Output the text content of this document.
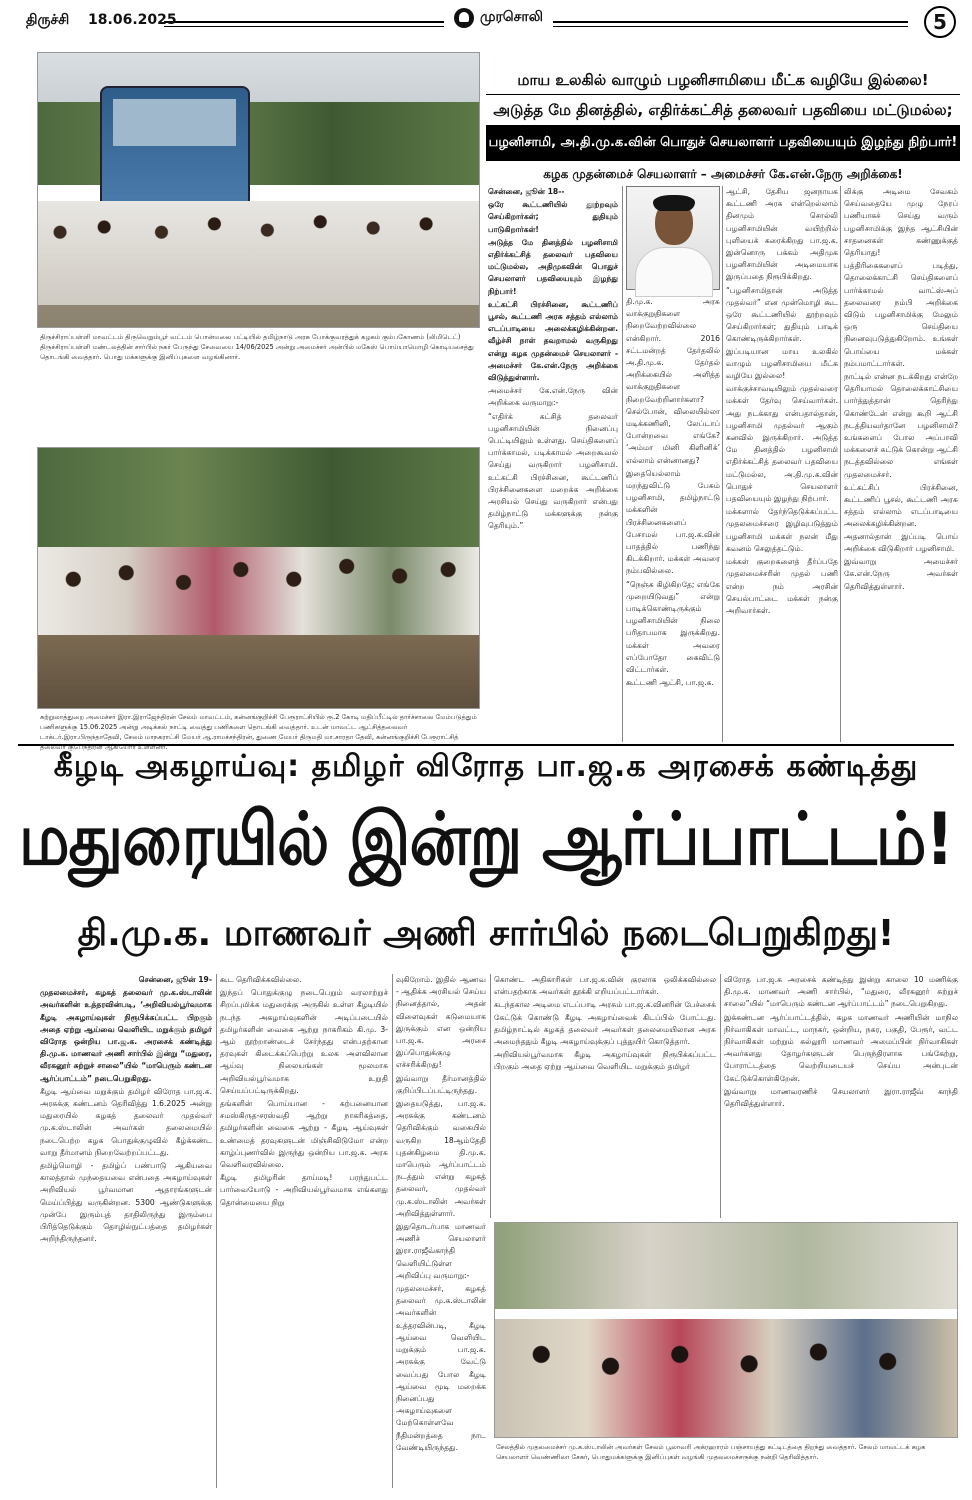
திருச்சி 18.06.2025	முரசொலி	5
திருச்சிராப்பள்ளி மாவட்டம் திருவெறும்பூர் வட்டம் பொன்மலை பட்டியில் தமிழ்நாடு அரசு போக்குவரத்துக் கழகம் கும்பகோணம் (லிமிடெட்) திருச்சிராப்பள்ளி மண்டலத்தின் சார்பில் நகர் பேருந்து சேவையை 14/06/2025 அன்று அமைச்சர் அன்பில் மகேஸ் பொய்யாமொழி கொடியசைத்து தொடங்கி வைத்தார். பொது மக்களுக்கு இனிப்புகளை வழங்கினார்.
சுற்றுலாத்துறை அமைச்சர் இரா.இராஜேந்திரன் சேலம் மாவட்டம், கன்னங்குறிச்சி பேரூராட்சியில் ரூ.2 கோடி மதிப்பீட்டில் தார்ச்சாலை மேம்படுத்தும் பணிகளுக்கு 15.06.2025 அன்று அடிக்கல் நாட்டி வைத்து பணிகளை தொடங்கி வைத்தார். உடன் மாவட்ட ஆட்சித்தலைவர் டாக்டர்.இரா.பிருந்தாதேவி, சேலம் மாநகராட்சி மேயர் ஆ.ராமச்சந்திரன், துணை மேயர் திருமதி மா.சாரதா தேவி, கன்னங்குறிச்சி பேரூராட்சித் தலைவர் குபேந்திரன் ஆகியோர் உள்ளனர்.
மாய உலகில் வாழும் பழனிசாமியை மீட்க வழியே இல்லை!
அடுத்த மே தினத்தில், எதிர்க்கட்சித் தலைவர் பதவியை மட்டுமல்ல;
பழனிசாமி, அ.தி.மு.க.வின் பொதுச் செயலாளர் பதவியையும் இழந்து நிற்பார்!
கழக முதன்மைச் செயலாளர் – அமைச்சர் கே.என்.நேரு அறிக்கை!

சென்னை, ஜூன் 18--

ஒரே கூட்டணியில் தூற்றவும் செய்கிறார்கள்; துதியும் பாடுகிறார்கள்!

அடுத்த மே தினத்தில் பழனிசாமி எதிர்க்கட்சித் தலைவர் பதவியை மட்டுமல்ல, அதிமுகவின் பொதுச் செயலாளர் பதவியையும் இழந்து நிற்பார்!

உட்கட்சி பிரச்சினை, கூட்டணிப் பூசல், கூட்டணி அரசு சத்தம் எல்லாம் எடப்பாடியை அலைக்கழிக்கின்றன. வீழ்ச்சி நாள் தவறாமல் வருகிறது என்று கழக முதன்மைச் செயலாளர் - அமைச்சர் கே.என்.நேரு அறிக்கை விடுத்துள்ளார்.

அமைச்சர் கே.என்.நேரு வின் அறிக்கை வருமாறு:-

“எதிர்க் கட்சித் தலைவர் பழனிசாமியின் நினைப்பு பெட்டியிலும் உள்ளது. செய்திகளைப் பார்க்காமல், படிக்காமல் அறைகூவல் செய்து வருகிறார் பழனிசாமி. உட்கட்சி பிரச்சினை, கூட்டணிப் பிரச்சினைகளை மறைக்க அறிக்கை அரசியல் செய்து வருகிறார் என்பது தமிழ்நாட்டு மக்களுக்கு நன்கு தெரியும்.”

தி.மு.க. அரசு வாக்குறுதிகளை நிறைவேற்றவில்லை என்கிறார். 2016 சட்டமன்றத் தேர்தலில் அ.தி.மு.க. தேர்தல் அறிக்கையில் அளித்த வாக்குறுதிகளை நிறைவேற்றினார்களா? செல்போன், விலையில்லா மடிக்கணினி, லேப்டாப் போன்றவை எங்கே? ‘அம்மா மினி கிளினிக்’ எல்லாம் என்னானது?

இதையெல்லாம் மறந்துவிட்டு பேசும் பழனிசாமி, தமிழ்நாட்டு மக்களின் பிரச்சினைகளைப் பேசாமல் பா.ஜ.க.வின் பாதத்தில் பணிந்து கிடக்கிறார். மக்கள் அவரை நம்பவில்லை.

“நெஞ்சு கிழிகிறதே; எங்கே முறையிடுவது” என்று பாடிக்கொண்டிருக்கும் பழனிசாமியின் நிலை பரிதாபமாக இருக்கிறது. மக்கள் அவரை எப்போதோ கைவிட்டு விட்டார்கள்.

கூட்டணி ஆட்சி, பா.ஜ.க.

ஆட்சி, தேசிய ஜனநாயக கூட்டணி அரசு என்றெல்லாம் தினமும் சொல்லி பழனிசாமியின் வயிற்றில் புளியைக் கரைக்கிறது பா.ஜ.க. இன்னொரு பக்கம் அதிமுக பழனிசாமியின் அடிமையாக இருப்பதை நிரூபிக்கிறது.

“பழனிசாமிதான் அடுத்த முதல்வர்” என முன்மொழி கூட ஒரே கூட்டணியில் தூற்றவும் செய்கிறார்கள்; துதியும் பாடிக் கொண்டிருக்கிறார்கள். இப்படியான மாய உலகில் வாழும் பழனிசாமியை மீட்க வழியே இல்லை!

வாக்குச்சாவடியிலும் முதல்வரை மக்கள் தேர்வு செய்வார்கள். அது நடக்காது என்பதால்தான், பழனிசாமி முதல்வர் ஆகும் கனவில் இருக்கிறார். அடுத்த மே தினத்தில் பழனிசாமி எதிர்க்கட்சித் தலைவர் பதவியை மட்டுமல்ல, அ.தி.மு.க.வின் பொதுச் செயலாளர் பதவியையும் இழந்து நிற்பார்.

மக்களால் தேர்ந்தெடுக்கப்பட்ட முதலமைச்சரை இழிவுபடுத்தும் பழனிசாமி மக்கள் நலன் மீது கவனம் செலுத்தட்டும்.

மக்கள் குறைகளைத் தீர்ப்பதே முதலமைச்சரின் முதல் பணி என்ற நம் அரசின் செயல்பாட்டை மக்கள் நன்கு அறிவார்கள்.

லிக்கு அடிமை சேவகம் செய்வதையே முழு நேரப் பணியாகச் செய்து வரும் பழனிசாமிக்கு இந்த ஆட்சியின் சாதனைகள் கண்ணுக்குத் தெரியாது!

பத்திரிகைகளைப் படித்து, தொலைக்காட்சி செய்திகளைப் பார்க்காமல் வாட்ஸ்அப் தலைவரை நம்பி அறிக்கை விடும் பழனிசாமிக்கு மேலும் ஒரு செய்தியை நினைவுபடுத்துகிறோம். உங்கள் பொய்யை மக்கள் நம்பமாட்டார்கள்.

நாட்டில் என்ன நடக்கிறது என்றே தெரியாமல் தொலைக்காட்சியை பார்த்துத்தான் தெரிந்து கொண்டேன் என்று கூறி ஆட்சி நடத்தியவர்தானே பழனிசாமி? உங்களைப் போல அப்பாவி மக்களைச் சுட்டுக் கொன்று ஆட்சி நடத்தவில்லை எங்கள் முதலமைச்சர்.

உட்கட்சிப் பிரச்சினை, கூட்டணிப் பூசல், கூட்டணி அரசு சத்தம் எல்லாம் எடப்பாடியை அலைக்கழிக்கின்றன. அதனால்தான் இப்படி பொய் அறிக்கை விடுகிறார் பழனிசாமி.

இவ்வாறு அமைச்சர் கே.என்.நேரு அவர்கள் தெரிவித்துள்ளார்.

கீழடி அகழாய்வு: தமிழர் விரோத பா.ஜ.க அரசைக் கண்டித்து
மதுரையில் இன்று ஆர்ப்பாட்டம்!
தி.மு.க. மாணவர் அணி சார்பில் நடைபெறுகிறது!

சென்னை, ஜூன் 19-

முதலமைச்சர், கழகத் தலைவர் மு.க.ஸ்டாலின் அவர்களின் உத்தரவின்படி, ‘அறிவியல்பூர்வமாக கீழடி அகழாய்வுகள் நிரூபிக்கப்பட்ட பிறகும் அதை ஏற்று ஆய்வை வெளியிட மறுக்கும் தமிழர் விரோத ஒன்றிய பா.ஜ.க. அரசைக் கண்டித்து தி.மு.க. மாணவர் அணி சார்பில் இன்று “மதுரை, வீரகனூர் சுற்றுச் சாலை”யில் “மாபெரும் கண்டன ஆர்ப்பாட்டம்” நடைபெறுகிறது.

கீழடி ஆய்வை மறுக்கும் தமிழர் விரோத பா.ஜ.க. அரசுக்கு கண்டனம் தெரிவித்து 1.6.2025 அன்று மதுரையில் கழகத் தலைவர் முதல்வர் மு.க.ஸ்டாலின் அவர்கள் தலைமையில் நடைபெற்ற கழக பொதுக்குழுவில் கீழ்க்கண்ட வாறு தீர்மானம் நிறைவேற்றப்பட்டது.

தமிழ்மொழி - தமிழ்ப் பண்பாடு ஆகியவை காலத்தால் முந்தையவை என்பதை அகழாய்வுகள் அறிவியல் பூர்வமான ஆதாரங்களுடன் மெய்ப்பித்து வருகின்றன. 5300 ஆண்டுகளுக்கு முன்பே இரும்புத் தாதிலிருந்து இரும்பை பிரித்தெடுக்கும் தொழில்நுட்பத்தை தமிழர்கள் அறிந்திருந்தனர்.

கூட தெரிவிக்கவில்லை.

இந்தப் பொதுக்குழு நடைபெறும் வரலாற்றுச் சிறப்புமிக்க மதுரைக்கு அருகில் உள்ள கீழடியில் நடந்த அகழாய்வுகளின் அடிப்படையில் தமிழர்களின் வைகை ஆற்று நாகரிகம் கி.மு. 3-ஆம் நூற்றாண்டைச் சேர்ந்தது என்பதற்கான தரவுகள் கிடைக்கப்பெற்று உலக அளவிலான ஆய்வு நிலையங்கள் மூலமாக அறிவியல்பூர்வமாக உறுதி செய்யப்பட்டிருக்கிறது.

தங்களின் பொய்யான - கற்பனையான சமஸ்கிருத-சரஸ்வதி ஆற்று நாகரிகத்தை, தமிழர்களின் வைகை ஆற்று - கீழடி ஆய்வுகள் உண்மைத் தரவுகளுடன் மிஞ்சிவிடுமோ என்ற காழ்ப்புணர்வில் இருந்து ஒன்றிய பா.ஜ.க. அரசு வெளிவரவில்லை.

கீழடி தமிழரின் தாய்மடி! பரந்துபட்ட பார்வையோடு - அறிவியல்பூர்வமாக எங்களது தொன்மையை நிறு

வுகிறோம். இதில் ஆணவ - ஆதிக்க அரசியல் செய்ய நினைத்தால், அதன் விளைவுகள் கடுமையாக இருக்கும் என ஒன்றிய பா.ஜ.க. அரசை இப்பொதுக்குழு எச்சரிக்கிறது!

இவ்வாறு தீர்மானத்தில் குறிப்பிடப்பட்டிருந்தது.

இதையடுத்து, பா.ஜ.க. அரசுக்கு கண்டனம் தெரிவிக்கும் வகையில் வருகிற 18ஆம்தேதி புதன்கிழமை தி.மு.க. மாபெரும் ஆர்ப்பாட்டம் நடத்தும் என்று கழகத் தலைவர், முதல்வர் மு.க.ஸ்டாலின் அவர்கள் அறிவித்துள்ளார்.

இதுதொடர்பாக மாணவர் அணிச் செயலாளர் இரா.ராஜீவ்காந்தி வெளியிட்டுள்ள அறிவிப்பு வருமாறு:-

முதலமைச்சர், கழகத் தலைவர் மு.க.ஸ்டாலின் அவர்களின் உத்தரவின்படி, கீழடி ஆய்வை வெளியிட மறுக்கும் பா.ஜ.க. அரசுக்கு வேட்டு வைப்பது போல கீழடி ஆய்வை மூடி மறைக்க நினைப்பது அகழாய்வுகளை மேற்கொள்ளவே நீதிமன்றத்தை நாட வேண்டியிருந்தது.

கொண்ட அதிகாரிகள் பா.ஜ.க.வின் குரலாக ஒலிக்கவில்லை என்பதற்காக அவர்கள் தூக்கி எறியப்பட்டார்கள்.

கடந்தகால அடிமை எடப்பாடி அரசும் பா.ஜ.க.வினரின் பேச்சைக் கேட்டுக் கொண்டு கீழடி அகழாய்வைக் கிடப்பில் போட்டது. தமிழ்நாட்டில் கழகத் தலைவர் அவர்கள் தலைமையிலான அரசு அமைந்ததும் கீழடி அகழாய்வுக்குப் புத்துயிர் கொடுத்தார்.

அறிவியல்பூர்வமாக கீழடி அகழாய்வுகள் நிரூபிக்கப்பட்ட பிறகும் அதை ஏற்று ஆய்வை வெளியிட மறுக்கும் தமிழர்

விரோத பா.ஜ.க அரசைக் கண்டித்து இன்று காலை 10 மணிக்கு தி.மு.க. மாணவர் அணி சார்பில், “மதுரை, வீரகனூர் சுற்றுச் சாலை”யில் “மாபெரும் கண்டன ஆர்ப்பாட்டம்” நடைபெறுகிறது.

இக்கண்டன ஆர்ப்பாட்டத்தில், கழக மாணவர் அணியின் மாநில நிர்வாகிகள் மாவட்ட, மாநகர், ஒன்றிய, நகர, பகுதி, பேரூர், வட்ட நிர்வாகிகள் மற்றும் கல்லூரி மாணவர் அமைப்பின் நிர்வாகிகள் அவர்களது தோழர்களுடன் பெருந்திரளாக பங்கேற்று, போராட்டத்தை வெற்றியடையச் செய்ய அன்புடன் கேட்டுக்கொள்கிறேன்.

இவ்வாறு மாணவரணிச் செயலாளர் இரா.ராஜீவ் காந்தி தெரிவித்துள்ளார்.

சேலத்தில் முதலமைச்சர் மு.க.ஸ்டாலின் அவர்கள் சேலம் பூலாவரி அக்ரஹாரம் பஞ்சாயத்து கட்டிடத்தை திறந்து வைத்தார். சேலம் மாவட்டக் கழக செயலாளர் வெண்ணிலா சேகர், பொதுமக்களுக்கு இனிப்புகள் வழங்கி முதலமைச்சருக்கு நன்றி தெரிவித்தார்.
